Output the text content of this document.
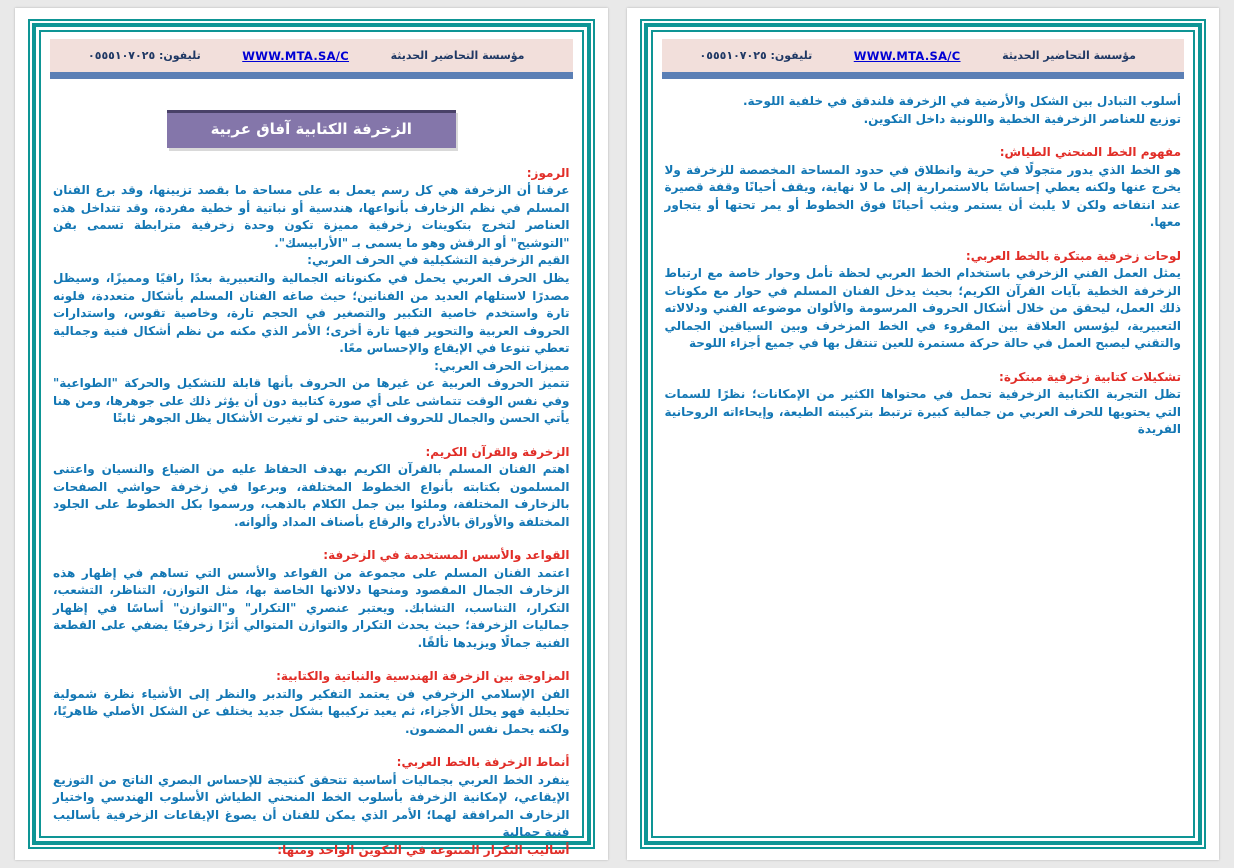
مؤسسة التحاضير الحديثة
WWW.MTA.SA/C
تليفون: ٠٥٥٥١٠٧٠٢٥
الزخرفة الكتابية آفاق عربية
الرموز:
عرفنا أن الزخرفة هي كل رسم يعمل به على مساحة ما بقصد تزيينها، وقد برع الفنان المسلم في نظم الزخارف بأنواعها، هندسية أو نباتية أو خطية مفردة، وقد تتداخل هذه العناصر لتخرج بتكوينات زخرفية مميزة تكون وحدة زخرفية مترابطة تسمى بفن "التوشيح" أو الرقش وهو ما يسمى بـ "الأرابيسك".
القيم الزخرفية التشكيلية في الحرف العربي:
يظل الحرف العربي يحمل في مكنوناته الجمالية والتعبيرية بعدًا راقيًا ومميزًا، وسيظل مصدرًا لاستلهام العديد من الفنانين؛ حيث صاغه الفنان المسلم بأشكال متعددة، فلونه تارة واستخدم خاصية التكبير والتصغير في الحجم تارة، وخاصية تقوس، واستدارات الحروف العربية والتحوير فيها تارة أخرى؛ الأمر الذي مكنه من نظم أشكال فنية وجمالية تعطي تنوعا في الإيقاع والإحساس معًا.
مميزات الحرف العربي:
تتميز الحروف العربية عن غيرها من الحروف بأنها قابلة للتشكيل والحركة "الطواعية" وفي نفس الوقت تتماشى على أي صورة كتابية دون أن يؤثر ذلك على جوهرها، ومن هنا يأتي الحسن والجمال للحروف العربية حتى لو تغيرت الأشكال يظل الجوهر ثابتًا
الزخرفة والقرآن الكريم:
اهتم الفنان المسلم بالقرآن الكريم بهدف الحفاظ عليه من الضياع والنسيان واعتنى المسلمون بكتابته بأنواع الخطوط المختلفة، وبرعوا في زخرفة حواشي الصفحات بالزخارف المختلفة، وملئوا بين جمل الكلام بالذهب، ورسموا بكل الخطوط على الجلود المختلفة والأوراق بالأدراج والرقاع بأصناف المداد وألوانه.
القواعد والأسس المستخدمة في الزخرفة:
اعتمد الفنان المسلم على مجموعة من القواعد والأسس التي تساهم في إظهار هذه الزخارف الجمال المقصود ومنحها دلالاتها الخاصة بها، مثل التوازن، التناظر، التشعب، التكرار، التناسب، التشابك. ويعتبر عنصري "التكرار" و"التوازن" أساسًا في إظهار جماليات الزخرفة؛ حيث يحدث التكرار والتوازن المتوالي أثرًا زخرفيًا يضفي على القطعة الفنية جمالًا ويزيدها تألقًا.
المزاوجة بين الزخرفة الهندسية والنباتية والكتابية:
الفن الإسلامي الزخرفي فن يعتمد التفكير والتدبر والنظر إلى الأشياء نظرة شمولية تحليلية فهو يحلل الأجزاء، ثم يعيد تركيبها بشكل جديد يختلف عن الشكل الأصلي ظاهريًا، ولكنه يحمل نفس المضمون.
أنماط الزخرفة بالخط العربي:
ينفرد الخط العربي بجماليات أساسية تتحقق كنتيجة للإحساس البصري الناتج من التوزيع الإيقاعي، لإمكانية الزخرفة بأسلوب الخط المنحني الطياش الأسلوب الهندسي واختيار الزخارف المرافقة لهما؛ الأمر الذي يمكن للفنان أن يصوغ الإيقاعات الزخرفية بأساليب فنية جمالية
أساليب التكرار المتنوعة في التكوين الواحد ومنها:
مؤسسة التحاضير الحديثة
WWW.MTA.SA/C
تليفون: ٠٥٥٥١٠٧٠٢٥
أسلوب التبادل بين الشكل والأرضية في الزخرفة فلندقق في خلفية اللوحة.
توزيع للعناصر الزخرفية الخطية واللونية داخل التكوين.
مفهوم الخط المنحني الطياش:
هو الخط الذي يدور متجولًا في حرية وانطلاق في حدود المساحة المخصصة للزخرفة ولا يخرج عنها ولكنه يعطي إحساسًا بالاستمرارية إلى ما لا نهاية، ويقف أحيانًا وقفة قصيرة عند انتفاخه ولكن لا يلبث أن يستمر ويثب أحيانًا فوق الخطوط أو يمر تحتها أو يتجاور معها.
لوحات زخرفية مبتكرة بالخط العربي:
يمثل العمل الفني الزخرفي باستخدام الخط العربي لحظة تأمل وحوار خاصة مع ارتباط الزخرفة الخطية بآيات القرآن الكريم؛ بحيث يدخل الفنان المسلم في حوار مع مكونات ذلك العمل، ليحقق من خلال أشكال الحروف المرسومة والألوان موضوعه الفني ودلالاته التعبيرية، ليؤسس العلاقة بين المقروء في الخط المزخرف وبين السياقين الجمالي والتقني ليصبح العمل في حالة حركة مستمرة للعين تنتقل بها في جميع أجزاء اللوحة
تشكيلات كتابية زخرفية مبتكرة:
تظل التجربة الكتابية الزخرفية تحمل في محتواها الكثير من الإمكانات؛ نظرًا للسمات التي يحتويها للحرف العربي من جمالية كبيرة ترتبط بتركيبته الطيعة، وإيحاءاته الروحانية الفريدة
